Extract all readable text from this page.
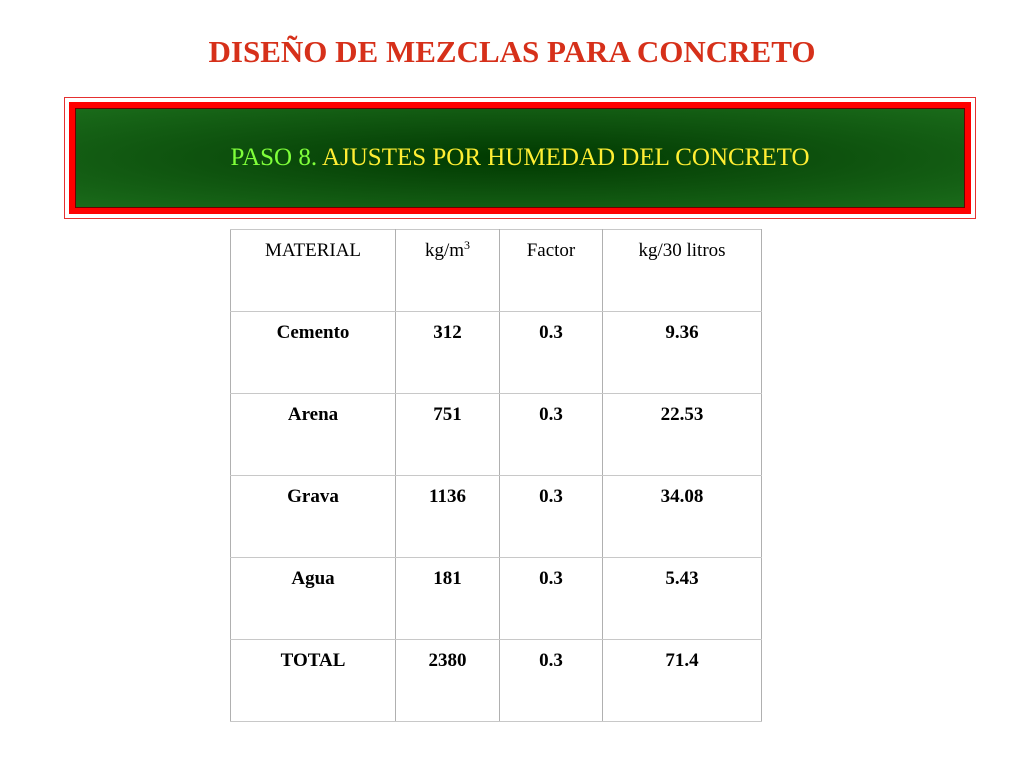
DISEÑO DE MEZCLAS PARA CONCRETO
PASO 8. AJUSTES POR HUMEDAD DEL CONCRETO
MATERIAL	$kg/m^3$	Factor	kg/30 litros
Cemento	312	0.3	9.36
Arena	751	0.3	22.53
Grava	1136	0.3	34.08
Agua	181	0.3	5.43
TOTAL	2380	0.3	71.4
